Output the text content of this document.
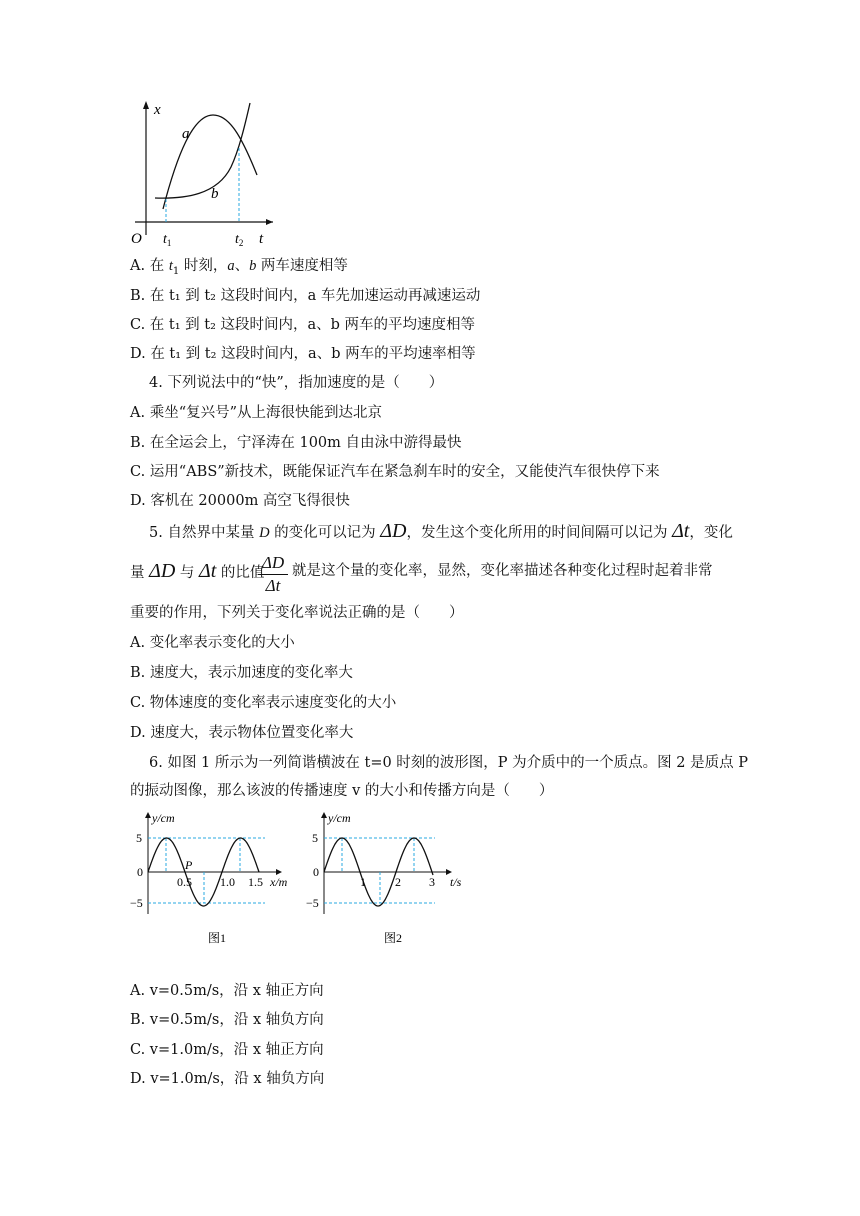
x
t
O $t_1$	$t_2$
a
b
A. 在 $t_1$ 时刻，a、b 两车速度相等
B. 在 t₁ 到 t₂ 这段时间内，a 车先加速运动再减速运动
C. 在 t₁ 到 t₂ 这段时间内，a、b 两车的平均速度相等
D. 在 t₁ 到 t₂ 这段时间内，a、b 两车的平均速率相等
4. 下列说法中的“快”，指加速度的是（　　）
A. 乘坐“复兴号”从上海很快能到达北京
B. 在全运会上，宁泽涛在 100m 自由泳中游得最快
C. 运用“ABS”新技术，既能保证汽车在紧急刹车时的安全，又能使汽车很快停下来
D. 客机在 20000m 高空飞得很快
5. 自然界中某量 D 的变化可以记为 ΔD，发生这个变化所用的时间间隔可以记为 Δt，变化
量 ΔD 与 Δt 的比值
ΔD
Δt
就是这个量的变化率，显然，变化率描述各种变化过程时起着非常
重要的作用，下列关于变化率说法正确的是（　　）
A. 变化率表示变化的大小
B. 速度大，表示加速度的变化率大
C. 物体速度的变化率表示速度变化的大小
D. 速度大，表示物体位置变化率大
6. 如图 1 所示为一列简谐横波在 t=0 时刻的波形图，P 为介质中的一个质点。图 2 是质点 P
的振动图像，那么该波的传播速度 v 的大小和传播方向是（　　）
y/cm
5
0
−5
P
0.5 1.0 1.5 x/m
图1
y/cm
5
0
−5
1 2 3 t/s
图2
A. v=0.5m/s，沿 x 轴正方向
B. v=0.5m/s，沿 x 轴负方向
C. v=1.0m/s，沿 x 轴正方向
D. v=1.0m/s，沿 x 轴负方向
